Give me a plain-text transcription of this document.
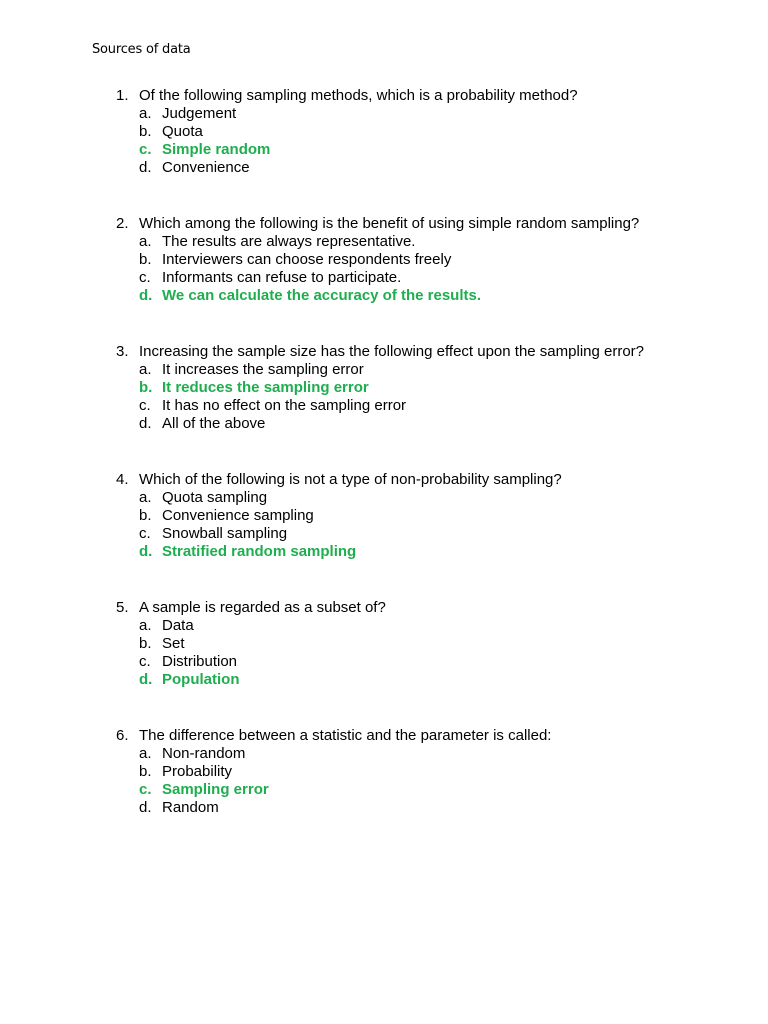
Sources of data
1. Of the following sampling methods, which is a probability method?
a. Judgement
b. Quota
c. Simple random
d. Convenience
2. Which among the following is the benefit of using simple random sampling?
a. The results are always representative.
b. Interviewers can choose respondents freely
c. Informants can refuse to participate.
d. We can calculate the accuracy of the results.
3. Increasing the sample size has the following effect upon the sampling error?
a. It increases the sampling error
b. It reduces the sampling error
c. It has no effect on the sampling error
d. All of the above
4. Which of the following is not a type of non-probability sampling?
a. Quota sampling
b. Convenience sampling
c. Snowball sampling
d. Stratified random sampling
5. A sample is regarded as a subset of?
a. Data
b. Set
c. Distribution
d. Population
6. The difference between a statistic and the parameter is called:
a. Non-random
b. Probability
c. Sampling error
d. Random
